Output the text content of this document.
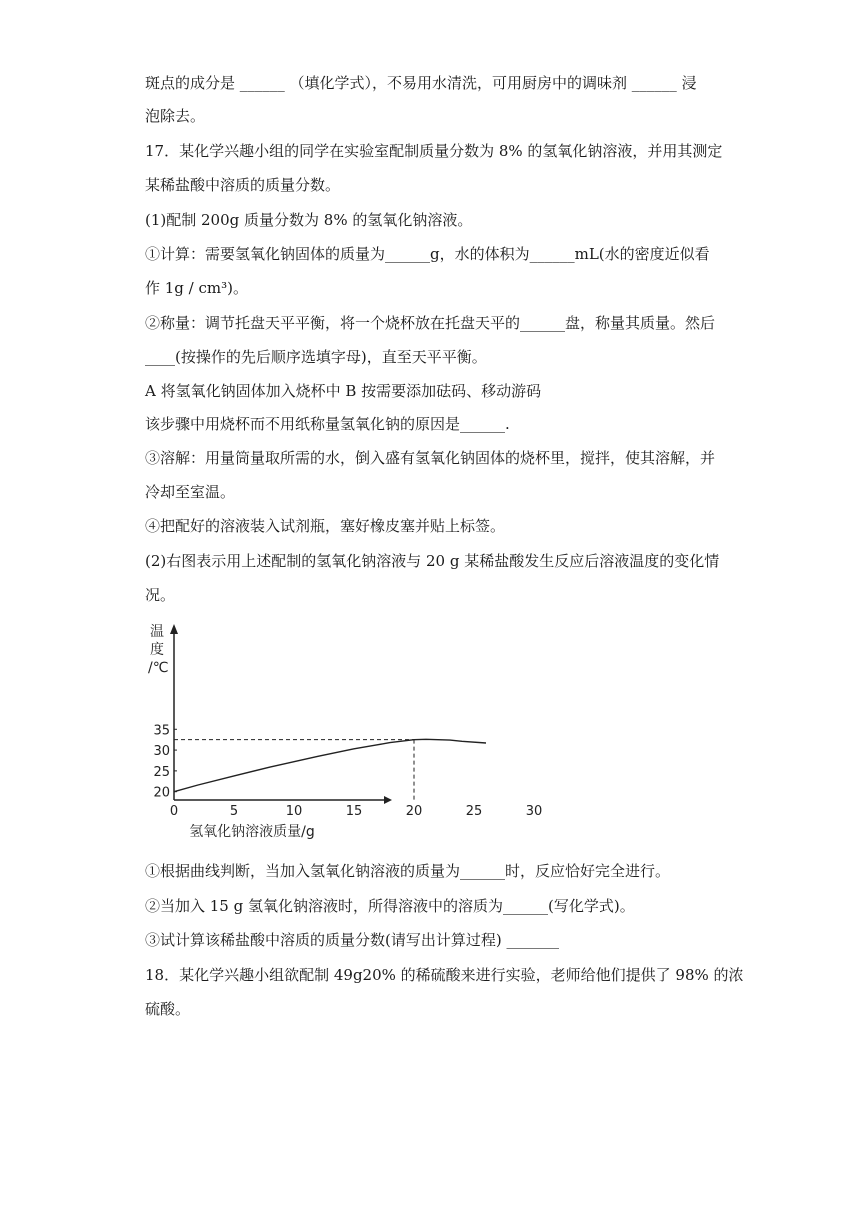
斑点的成分是 ______ （填化学式），不易用水清洗，可用厨房中的调味剂 ______ 浸
泡除去。
17．某化学兴趣小组的同学在实验室配制质量分数为 8% 的氢氧化钠溶液，并用其测定
某稀盐酸中溶质的质量分数。
(1)配制 200g 质量分数为 8% 的氢氧化钠溶液。
①计算：需要氢氧化钠固体的质量为______g，水的体积为______mL(水的密度近似看
作 1g / cm³)。
②称量：调节托盘天平平衡，将一个烧杯放在托盘天平的______盘，称量其质量。然后
____(按操作的先后顺序选填字母)，直至天平平衡。
A 将氢氧化钠固体加入烧杯中 B 按需要添加砝码、移动游码
该步骤中用烧杯而不用纸称量氢氧化钠的原因是______.
③溶解：用量筒量取所需的水，倒入盛有氢氧化钠固体的烧杯里，搅拌，使其溶解，并
冷却至室温。
④把配好的溶液装入试剂瓶，塞好橡皮塞并贴上标签。
(2)右图表示用上述配制的氢氧化钠溶液与 20 g 某稀盐酸发生反应后溶液温度的变化情
况。
温
度
/℃
0	5	10	15	20	25	30
20
25
30
35
氢氧化钠溶液质量/g
①根据曲线判断，当加入氢氧化钠溶液的质量为______时，反应恰好完全进行。
②当加入 15 g 氢氧化钠溶液时，所得溶液中的溶质为______(写化学式)。
③试计算该稀盐酸中溶质的质量分数(请写出计算过程) _______
18．某化学兴趣小组欲配制 49g20% 的稀硫酸来进行实验，老师给他们提供了 98% 的浓
硫酸。
